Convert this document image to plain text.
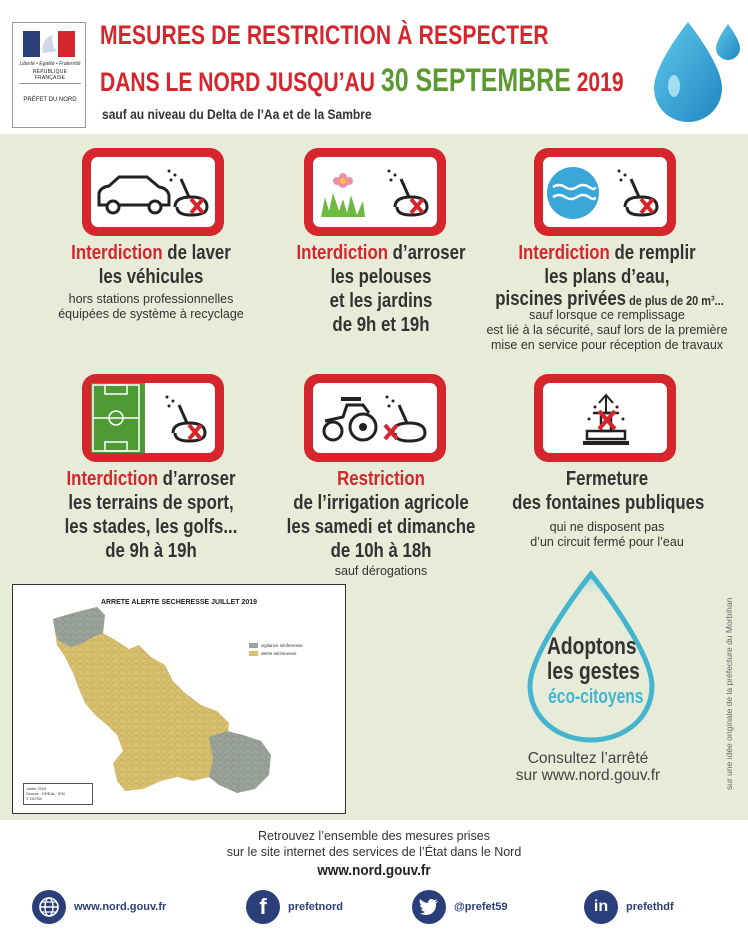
Liberté • Égalité • Fraternité
RÉPUBLIQUE FRANÇAISE
PRÉFET DU NORD
MESURES DE RESTRICTION À RESPECTER
DANS LE NORD JUSQU’AU 30 SEPTEMBRE 2019
sauf au niveau du Delta de l’Aa et de la Sambre
Interdiction de laver
les véhicules
hors stations professionnelles
équipées de système à recyclage
Interdiction d’arroser
les pelouses
et les jardins
de 9h et 19h
Interdiction de remplir
les plans d’eau,
piscines privées de plus de 20 m³...
sauf lorsque ce remplissage
est lié à la sécurité, sauf lors de la première
mise en service pour réception de travaux
Interdiction d’arroser
les terrains de sport,
les stades, les golfs...
de 9h à 19h
Restriction
de l’irrigation agricole
les samedi et dimanche
de 10h à 18h
sauf dérogations
Fermeture
des fontaines publiques
qui ne disposent pas
d’un circuit fermé pour l’eau
ARRETE ALERTE SECHERESSE JUILLET 2019
vigilance sécheresse
alerte sécheresse
Juillet 2019
Source : DREAL, IGN
© DDTM
Adoptons
les gestes
éco-citoyens
Consultez l’arrêté
sur www.nord.gouv.fr	sur une idée originale de la préfecture du Morbihan
Retrouvez l’ensemble des mesures prises
sur le site internet des services de l’État dans le Nord
www.nord.gouv.fr
www.nord.gouv.fr	f	prefetnord	@prefet59	in	prefethdf
